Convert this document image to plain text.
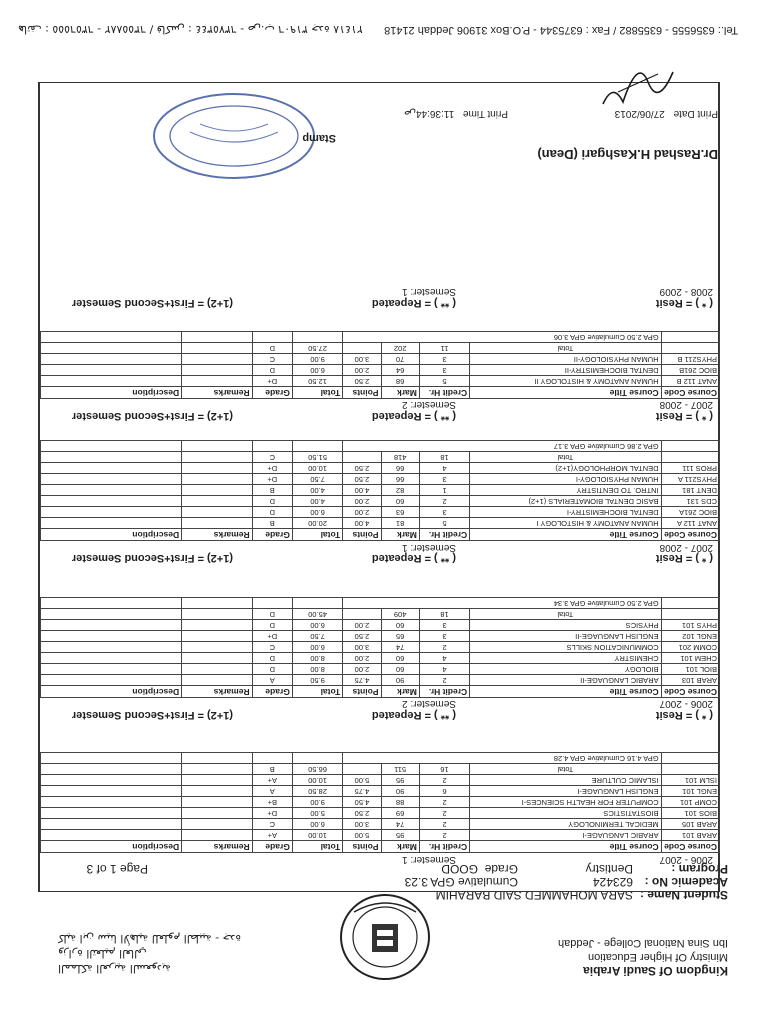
Kingdom Of Saudi Arabia
Ministry Of Higher Education
Ibn Sina National College - Jeddah
المملكة العربية السعودية
وزارة التعليم العالي
كلية ابن سينا الأهلية للعلوم الطبية - جدة
Student Name :
SARA MOHAMMED SAID BARAHIM
Academic No :
623424
Cumulative GPA
3.23
Program :
Dentistry
Grade
GOOD
Page 1 of 3
2006 - 2007
Semester: 1
Course Code	Course Title	Credit Hr.	Mark	Points	Total	Grade	Remarks	Description
ARAB 101	ARABIC LANGUAGE-I	2	95	5.00	10.00	A+		
ARAB 105	MEDICAL TERMINOLOGY	2	74	3.00	6.00	C		
BIOS 101	BIOSTATISTICS	2	69	2.50	5.00	D+		
COMP 101	COMPUTER FOR HEALTH SCIENCES-I	2	88	4.50	9.00	B+		
ENGL 101	ENGLISH LANGUAGE-I	6	90	4.75	28.50	A		
ISLM 101	ISLAMIC CULTURE	2	95	5.00	10.00	A+		
	Total	16	511		66.50	B		
	GPA 4.16 Cumulative GPA 4.28							
( * ) = Resit
( ** ) = Repeated
(1+2) = First+Second Semester
2006 - 2007
Semester: 2
Course Code	Course Title	Credit Hr.	Mark	Points	Total	Grade	Remarks	Description
ARAB 103	ARABIC LANGUAGE-II	2	90	4.75	9.50	A		
BIOL 101	BIOLOGY	4	60	2.00	8.00	D		
CHEM 101	CHEMISTRY	4	60	2.00	8.00	D		
COMM 201	COMMUNICATION SKILLS	2	74	3.00	6.00	C		
ENGL 102	ENGLISH LANGUAGE-II	3	65	2.50	7.50	D+		
PHYS 101	PHYSICS	3	60	2.00	6.00	D		
	Total	18	409		45.00	D		
	GPA 2.50 Cumulative GPA 3.34							
( * ) = Resit
( ** ) = Repeated
(1+2) = First+Second Semester
2007 - 2008
Semester: 1
Course Code	Course Title	Credit Hr.	Mark	Points	Total	Grade	Remarks	Description
ANAT 112 A	HUMAN ANATOMY & HISTOLOGY I	5	81	4.00	20.00	B		
BIOC 261A	DENTAL BIOCHEMISTRY-I	3	63	2.00	6.00	D		
CDS 131	BASIC DENTAL BIOMATERIALS (1+2)	2	60	2.00	4.00	D		
DENT 181	INTRO. TO DENTISTRY	1	82	4.00	4.00	B		
PHYS211 A	HUMAN PHYSIOLOGY-I	3	66	2.50	7.50	D+		
PROS 111	DENTAL MORPHOLOGY(1+2)	4	66	2.50	10.00	D+		
	Total	18	418		51.50	C		
	GPA 2.86 Cumulative GPA 3.17							
( * ) = Resit
( ** ) = Repeated
(1+2) = First+Second Semester
2007 - 2008
Semester: 2
Course Code	Course Title	Credit Hr.	Mark	Points	Total	Grade	Remarks	Description
ANAT 112 B	HUMAN ANATOMY & HISTOLOGY II	5	68	2.50	12.50	D+		
BIOC 261B	DENTAL BIOCHEMISTRY-II	3	64	2.00	6.00	D		
PHYS211 B	HUMAN PHYSIOLOGY-II	3	70	3.00	9.00	C		
	Total	11	202		27.50	D		
	GPA 2.50 Cumulative GPA 3.06							
( * ) = Resit
( ** ) = Repeated
(1+2) = First+Second Semester
2008 - 2009
Semester: 1
Dr.Rashad H.Kashgari (Dean)
Stamp
Print Date 27/06/2013
Print Time 11:36:44ص
Tel.: 6356555 - 6355882 / Fax : 6375344 - P.O.Box 31906 Jeddah 21418
هاتف : ٦٣٥٦٥٥٥ - ٦٣٥٥٨٨٢ / فاكس : ٦٣٧٥٣٤٤ - ص.ب ٣١٩٠٦ جدة ٢١٤١٨
